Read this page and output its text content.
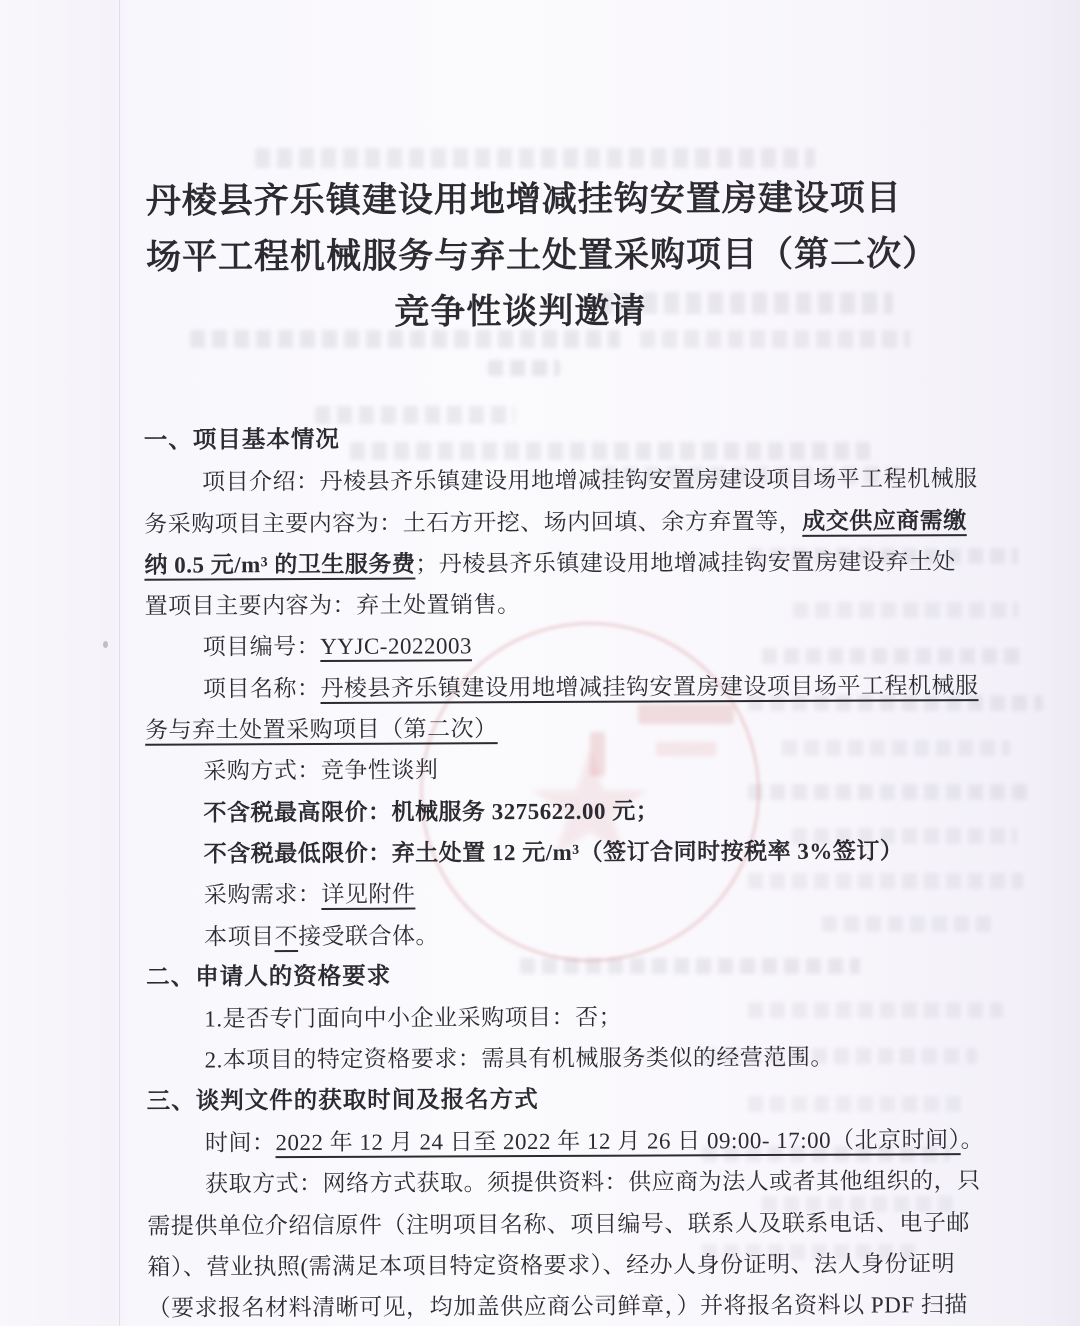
★
丹棱县齐乐镇建设用地增减挂钩安置房建设项目
场平工程机械服务与弃土处置采购项目（第二次）
竞争性谈判邀请
一、项目基本情况
项目介绍：丹棱县齐乐镇建设用地增减挂钩安置房建设项目场平工程机械服
务采购项目主要内容为：土石方开挖、场内回填、余方弃置等，成交供应商需缴
纳 0.5 元/m³ 的卫生服务费；丹棱县齐乐镇建设用地增减挂钩安置房建设弃土处
置项目主要内容为：弃土处置销售。
项目编号：YYJC-2022003
项目名称：丹棱县齐乐镇建设用地增减挂钩安置房建设项目场平工程机械服
务与弃土处置采购项目（第二次）
采购方式：竞争性谈判
不含税最高限价：机械服务 3275622.00 元；
不含税最低限价：弃土处置 12 元/m³（签订合同时按税率 3%签订）
采购需求：详见附件
本项目不接受联合体。
二、申请人的资格要求
1.是否专门面向中小企业采购项目：否；
2.本项目的特定资格要求：需具有机械服务类似的经营范围。
三、谈判文件的获取时间及报名方式
时间：2022 年 12 月 24 日至 2022 年 12 月 26 日 09:00- 17:00（北京时间）。
获取方式：网络方式获取。须提供资料：供应商为法人或者其他组织的，只
需提供单位介绍信原件（注明项目名称、项目编号、联系人及联系电话、电子邮
箱）、营业执照(需满足本项目特定资格要求）、经办人身份证明、法人身份证明
（要求报名材料清晰可见，均加盖供应商公司鲜章，）并将报名资料以 PDF 扫描
